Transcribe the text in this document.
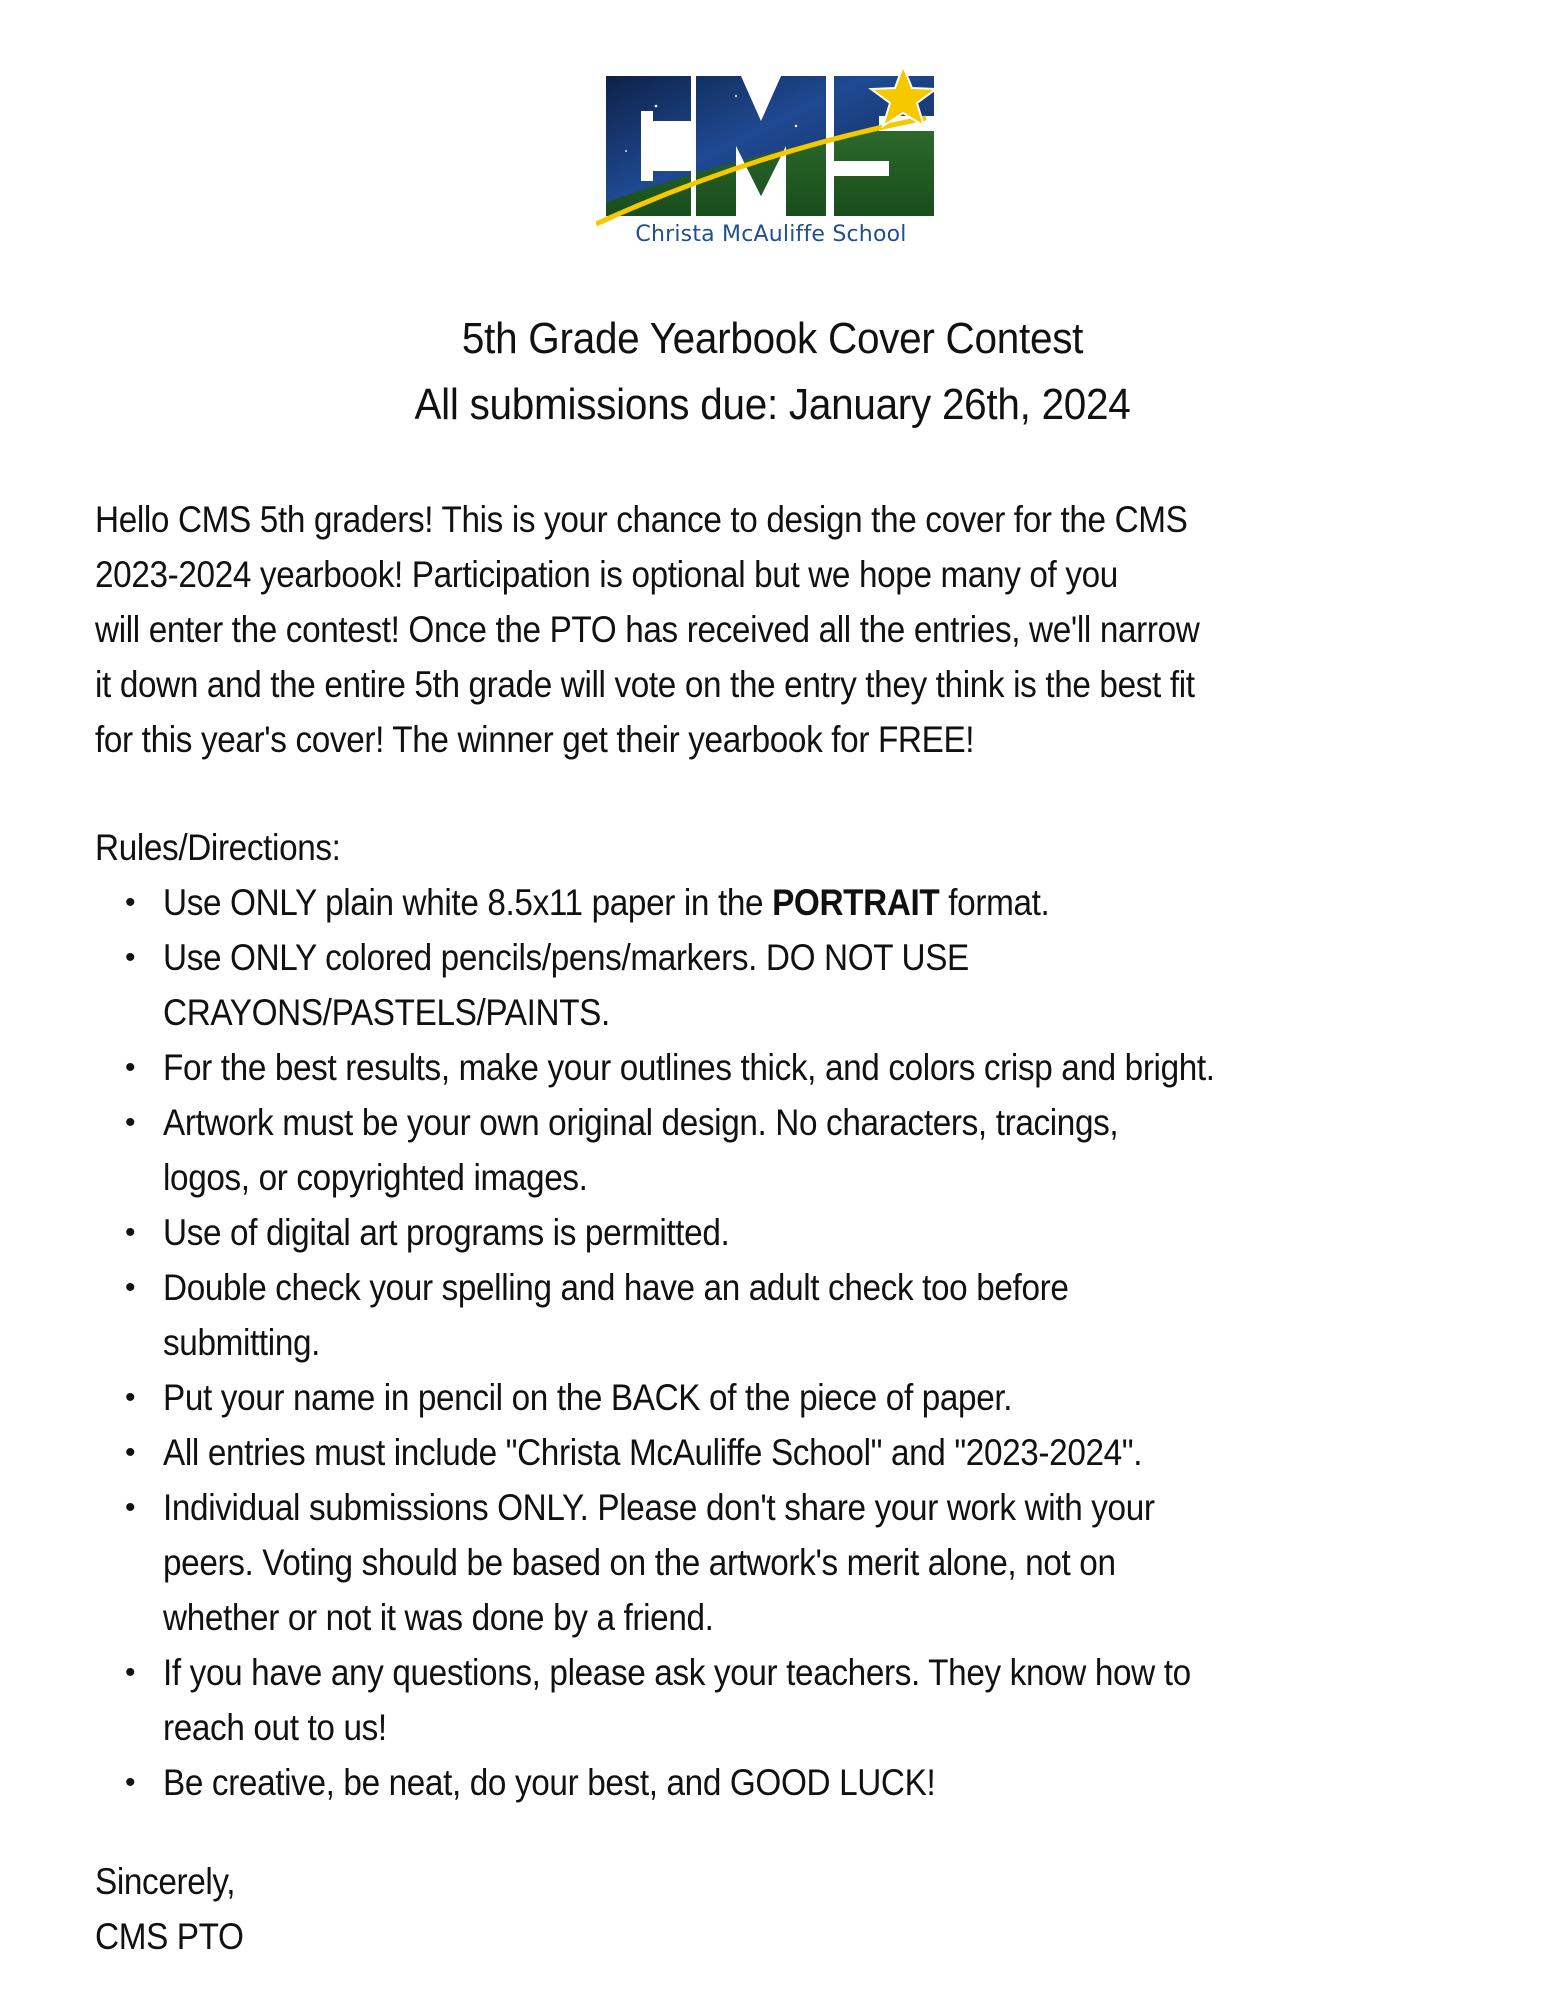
Christa McAuliffe School
5th Grade Yearbook Cover Contest
All submissions due: January 26th, 2024
Hello CMS 5th graders! This is your chance to design the cover for the CMS
2023-2024 yearbook! Participation is optional but we hope many of you
will enter the contest! Once the PTO has received all the entries, we'll narrow
it down and the entire 5th grade will vote on the entry they think is the best fit
for this year's cover! The winner get their yearbook for FREE!
Rules/Directions:
• Use ONLY plain white 8.5x11 paper in the PORTRAIT format.
• Use ONLY colored pencils/pens/markers. DO NOT USE
CRAYONS/PASTELS/PAINTS.
• For the best results, make your outlines thick, and colors crisp and bright.
• Artwork must be your own original design. No characters, tracings,
logos, or copyrighted images.
• Use of digital art programs is permitted.
• Double check your spelling and have an adult check too before
submitting.
• Put your name in pencil on the BACK of the piece of paper.
• All entries must include "Christa McAuliffe School" and "2023-2024".
• Individual submissions ONLY. Please don't share your work with your
peers. Voting should be based on the artwork's merit alone, not on
whether or not it was done by a friend.
• If you have any questions, please ask your teachers. They know how to
reach out to us!
• Be creative, be neat, do your best, and GOOD LUCK!
Sincerely,
CMS PTO
